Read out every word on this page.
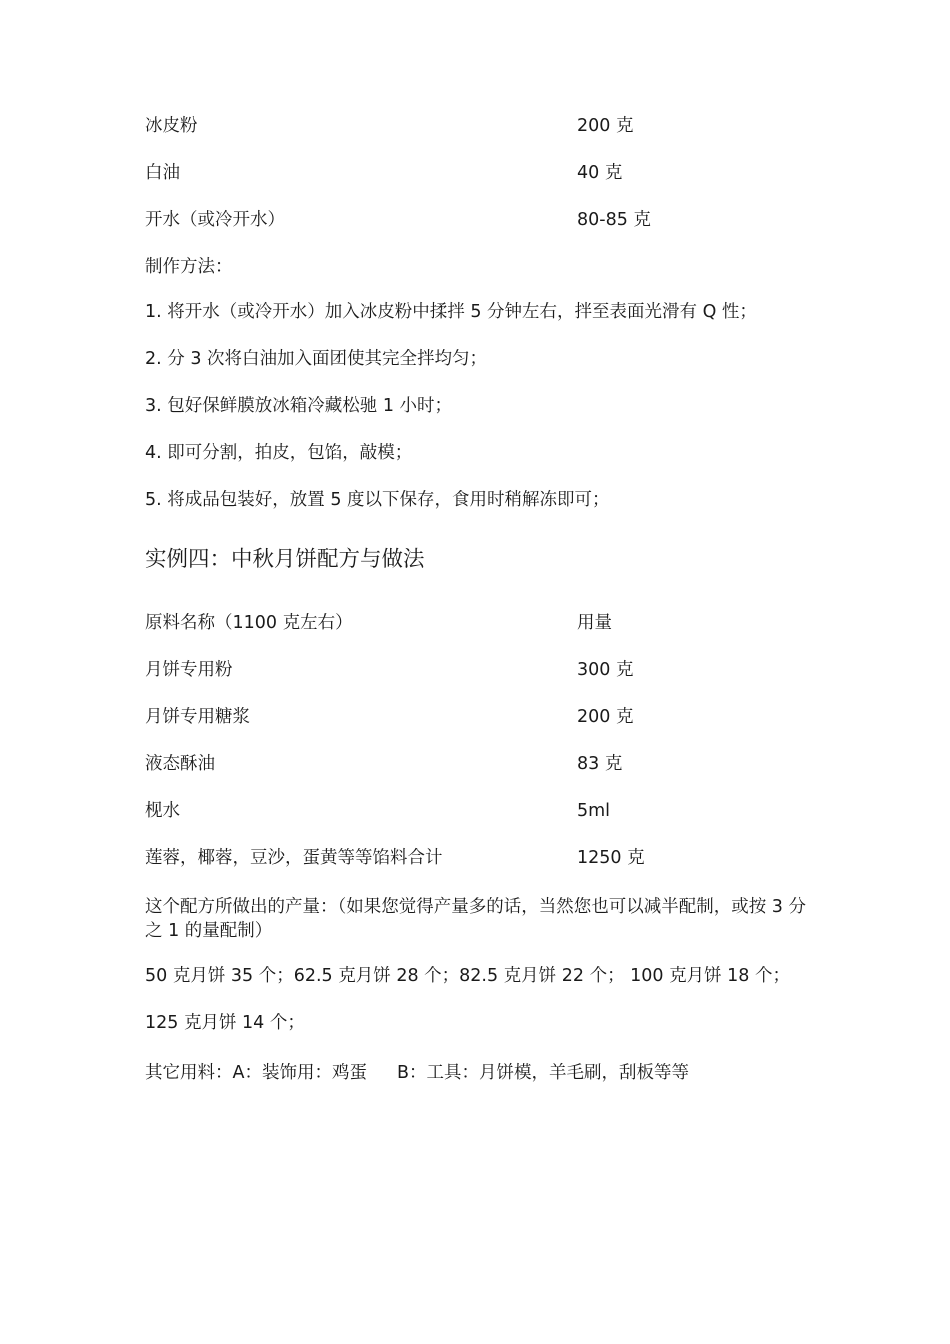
冰皮粉	200 克
白油	40 克
开水（或冷开水）	80-85 克
制作方法：
1. 将开水（或冷开水）加入冰皮粉中揉拌 5 分钟左右，拌至表面光滑有 Q 性；
2. 分 3 次将白油加入面团使其完全拌均匀；
3. 包好保鲜膜放冰箱冷藏松驰 1 小时；
4. 即可分割，拍皮，包馅，敲模；
5. 将成品包装好，放置 5 度以下保存，食用时稍解冻即可；
实例四：中秋月饼配方与做法
原料名称（1100 克左右）	用量
月饼专用粉	300 克
月饼专用糖浆	200 克
液态酥油	83 克
枧水	5ml
莲蓉，椰蓉，豆沙，蛋黄等等馅料合计	1250 克
这个配方所做出的产量：（如果您觉得产量多的话，当然您也可以减半配制，或按 3 分之 1 的量配制）
50 克月饼 35 个；62.5 克月饼 28 个；82.5 克月饼 22 个； 100 克月饼 18 个；
125 克月饼 14 个；
其它用料：A：装饰用：鸡蛋 B：工具：月饼模，羊毛刷，刮板等等
